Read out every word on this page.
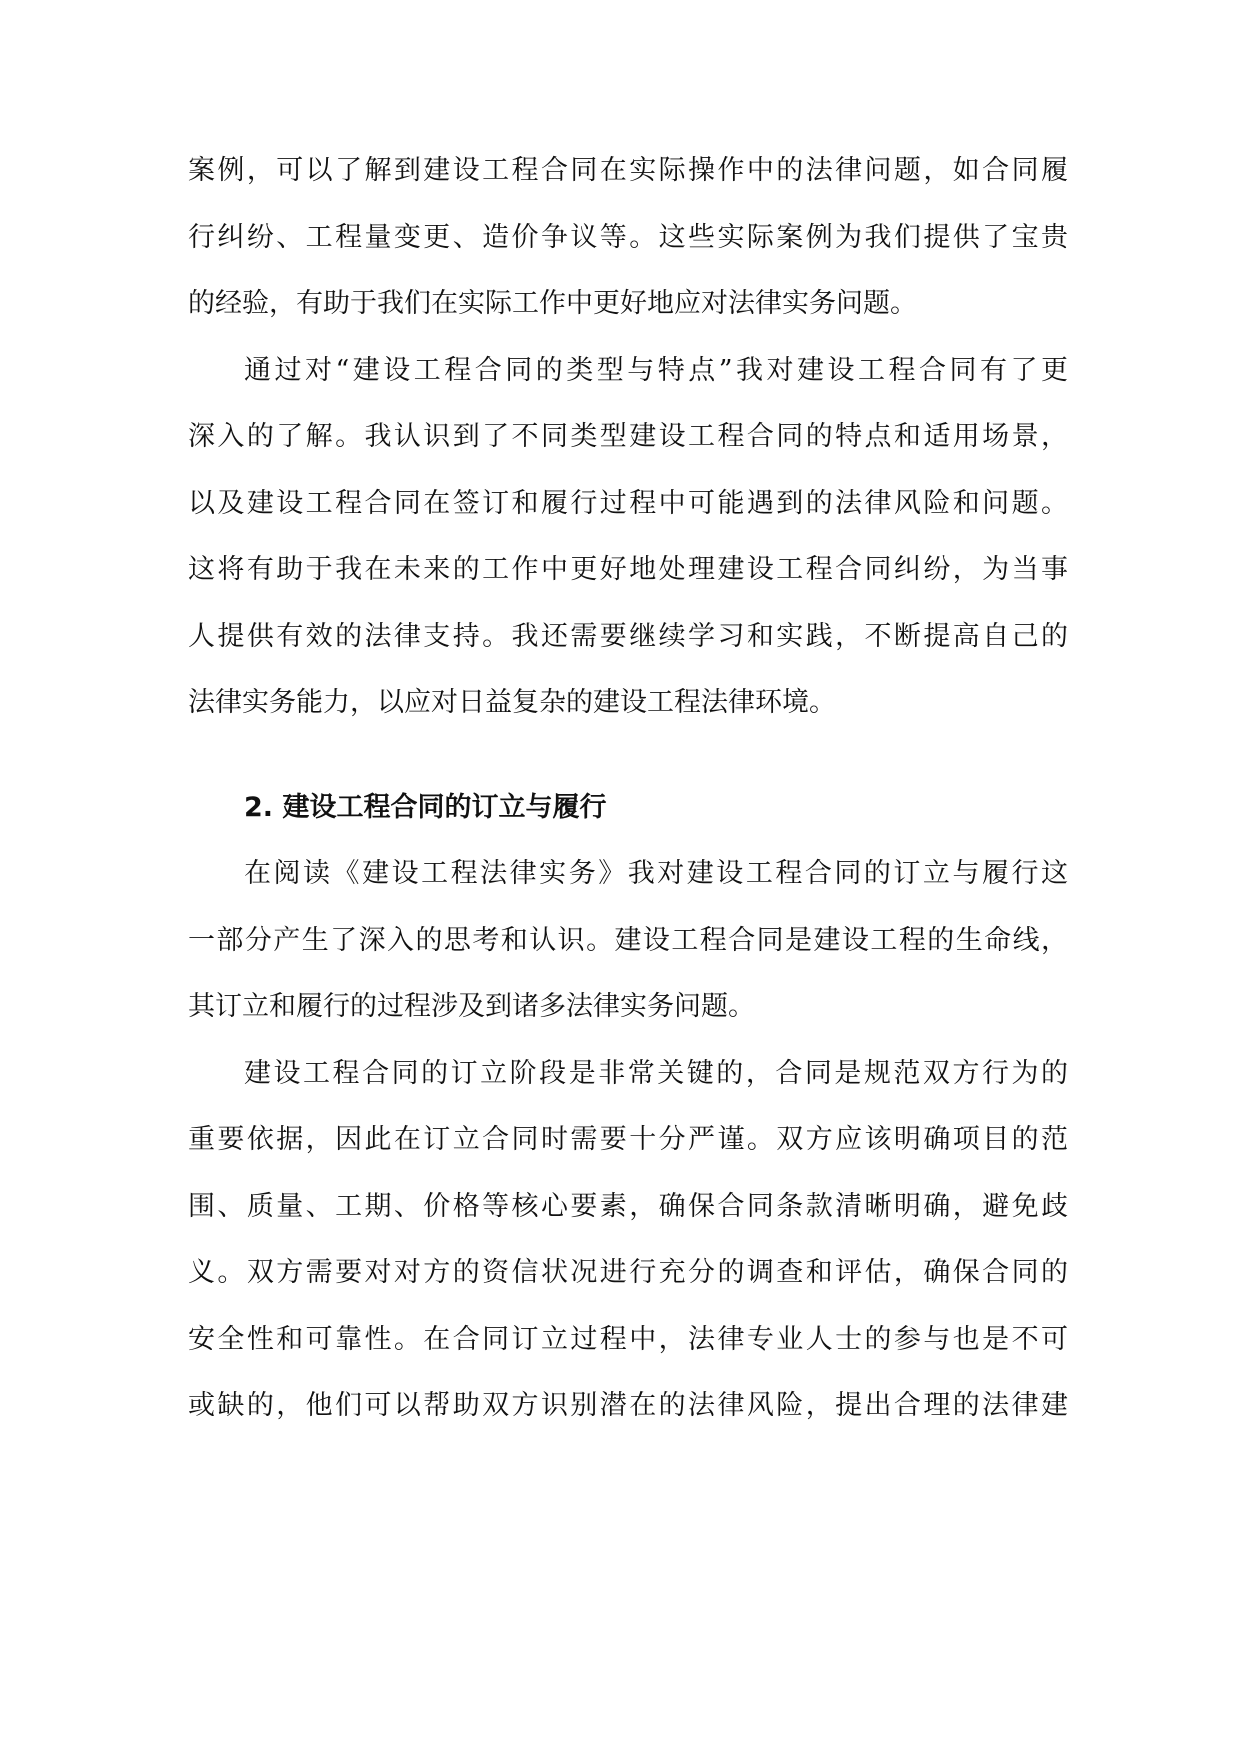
案例，可以了解到建设工程合同在实际操作中的法律问题，如合同履
行纠纷、工程量变更、造价争议等。这些实际案例为我们提供了宝贵
的经验，有助于我们在实际工作中更好地应对法律实务问题。
通过对“建设工程合同的类型与特点”我对建设工程合同有了更
深入的了解。我认识到了不同类型建设工程合同的特点和适用场景，
以及建设工程合同在签订和履行过程中可能遇到的法律风险和问题。
这将有助于我在未来的工作中更好地处理建设工程合同纠纷，为当事
人提供有效的法律支持。我还需要继续学习和实践，不断提高自己的
法律实务能力，以应对日益复杂的建设工程法律环境。
2. 建设工程合同的订立与履行
在阅读《建设工程法律实务》我对建设工程合同的订立与履行这
一部分产生了深入的思考和认识。建设工程合同是建设工程的生命线，
其订立和履行的过程涉及到诸多法律实务问题。
建设工程合同的订立阶段是非常关键的，合同是规范双方行为的
重要依据，因此在订立合同时需要十分严谨。双方应该明确项目的范
围、质量、工期、价格等核心要素，确保合同条款清晰明确，避免歧
义。双方需要对对方的资信状况进行充分的调查和评估，确保合同的
安全性和可靠性。在合同订立过程中，法律专业人士的参与也是不可
或缺的，他们可以帮助双方识别潜在的法律风险，提出合理的法律建
